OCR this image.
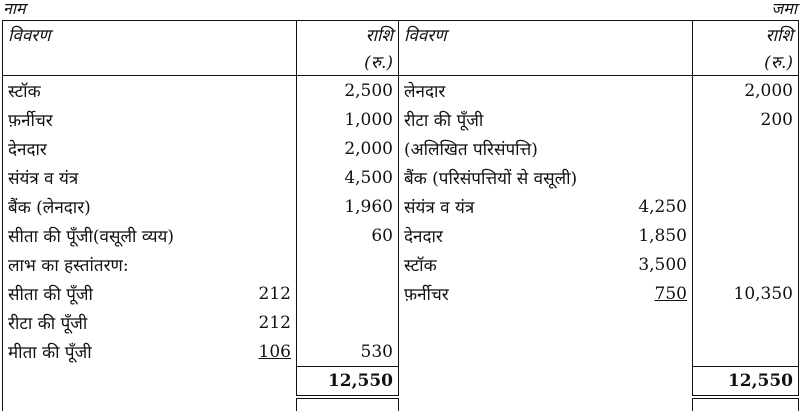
नाम	जमा
विवरण		राशि	विवरण		राशि
		(रु.)			(रु.)
स्टॉक		2,500	लेनदार		2,000
फ़र्नीचर		1,000	रीटा की पूँजी		200
देनदार		2,000	(अलिखित परिसंपत्ति)		
संयंत्र व यंत्र		4,500	बैंक (परिसंपत्तियों से वसूली)		
बैंक (लेनदार)		1,960	संयंत्र व यंत्र	4,250	
सीता की पूँजी(वसूली व्यय)		60	देनदार	1,850	
लाभ का हस्तांतरण:			स्टॉक	3,500	
सीता की पूँजी	212		फ़र्नीचर	750	10,350
रीटा की पूँजी	212				
मीता की पूँजी	106	530			
		12,550			12,550
